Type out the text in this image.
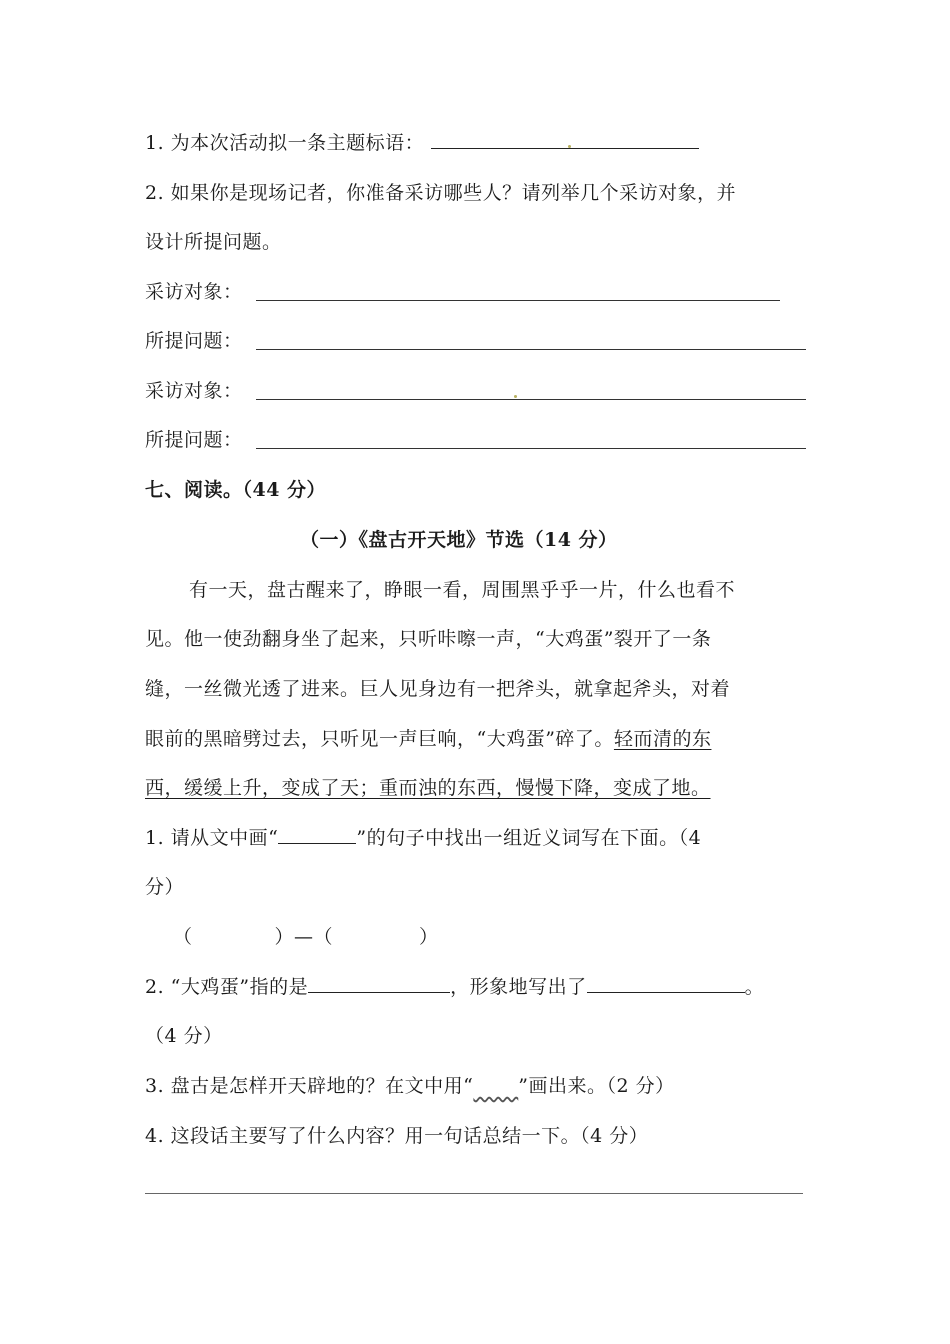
1. 为本次活动拟一条主题标语：
2. 如果你是现场记者，你准备采访哪些人？请列举几个采访对象，并
设计所提问题。
采访对象：
所提问题：
采访对象：
所提问题：
七、阅读。（44 分）
（一）《盘古开天地》节选（14 分）
有一天，盘古醒来了，睁眼一看，周围黑乎乎一片，什么也看不
见。他一使劲翻身坐了起来，只听咔嚓一声，“大鸡蛋”裂开了一条
缝，一丝微光透了进来。巨人见身边有一把斧头，就拿起斧头，对着
眼前的黑暗劈过去，只听见一声巨响，“大鸡蛋”碎了。轻而清的东
西，缓缓上升，变成了天；重而浊的东西，慢慢下降，变成了地。
1. 请从文中画“	”的句子中找出一组近义词写在下面。（4
分）
（	）—（	）
2. “大鸡蛋”指的是	，形象地写出了	。
（4 分）
3. 盘古是怎样开天辟地的？在文中用“ ”画出来。（2 分）
4. 这段话主要写了什么内容？用一句话总结一下。（4 分）
